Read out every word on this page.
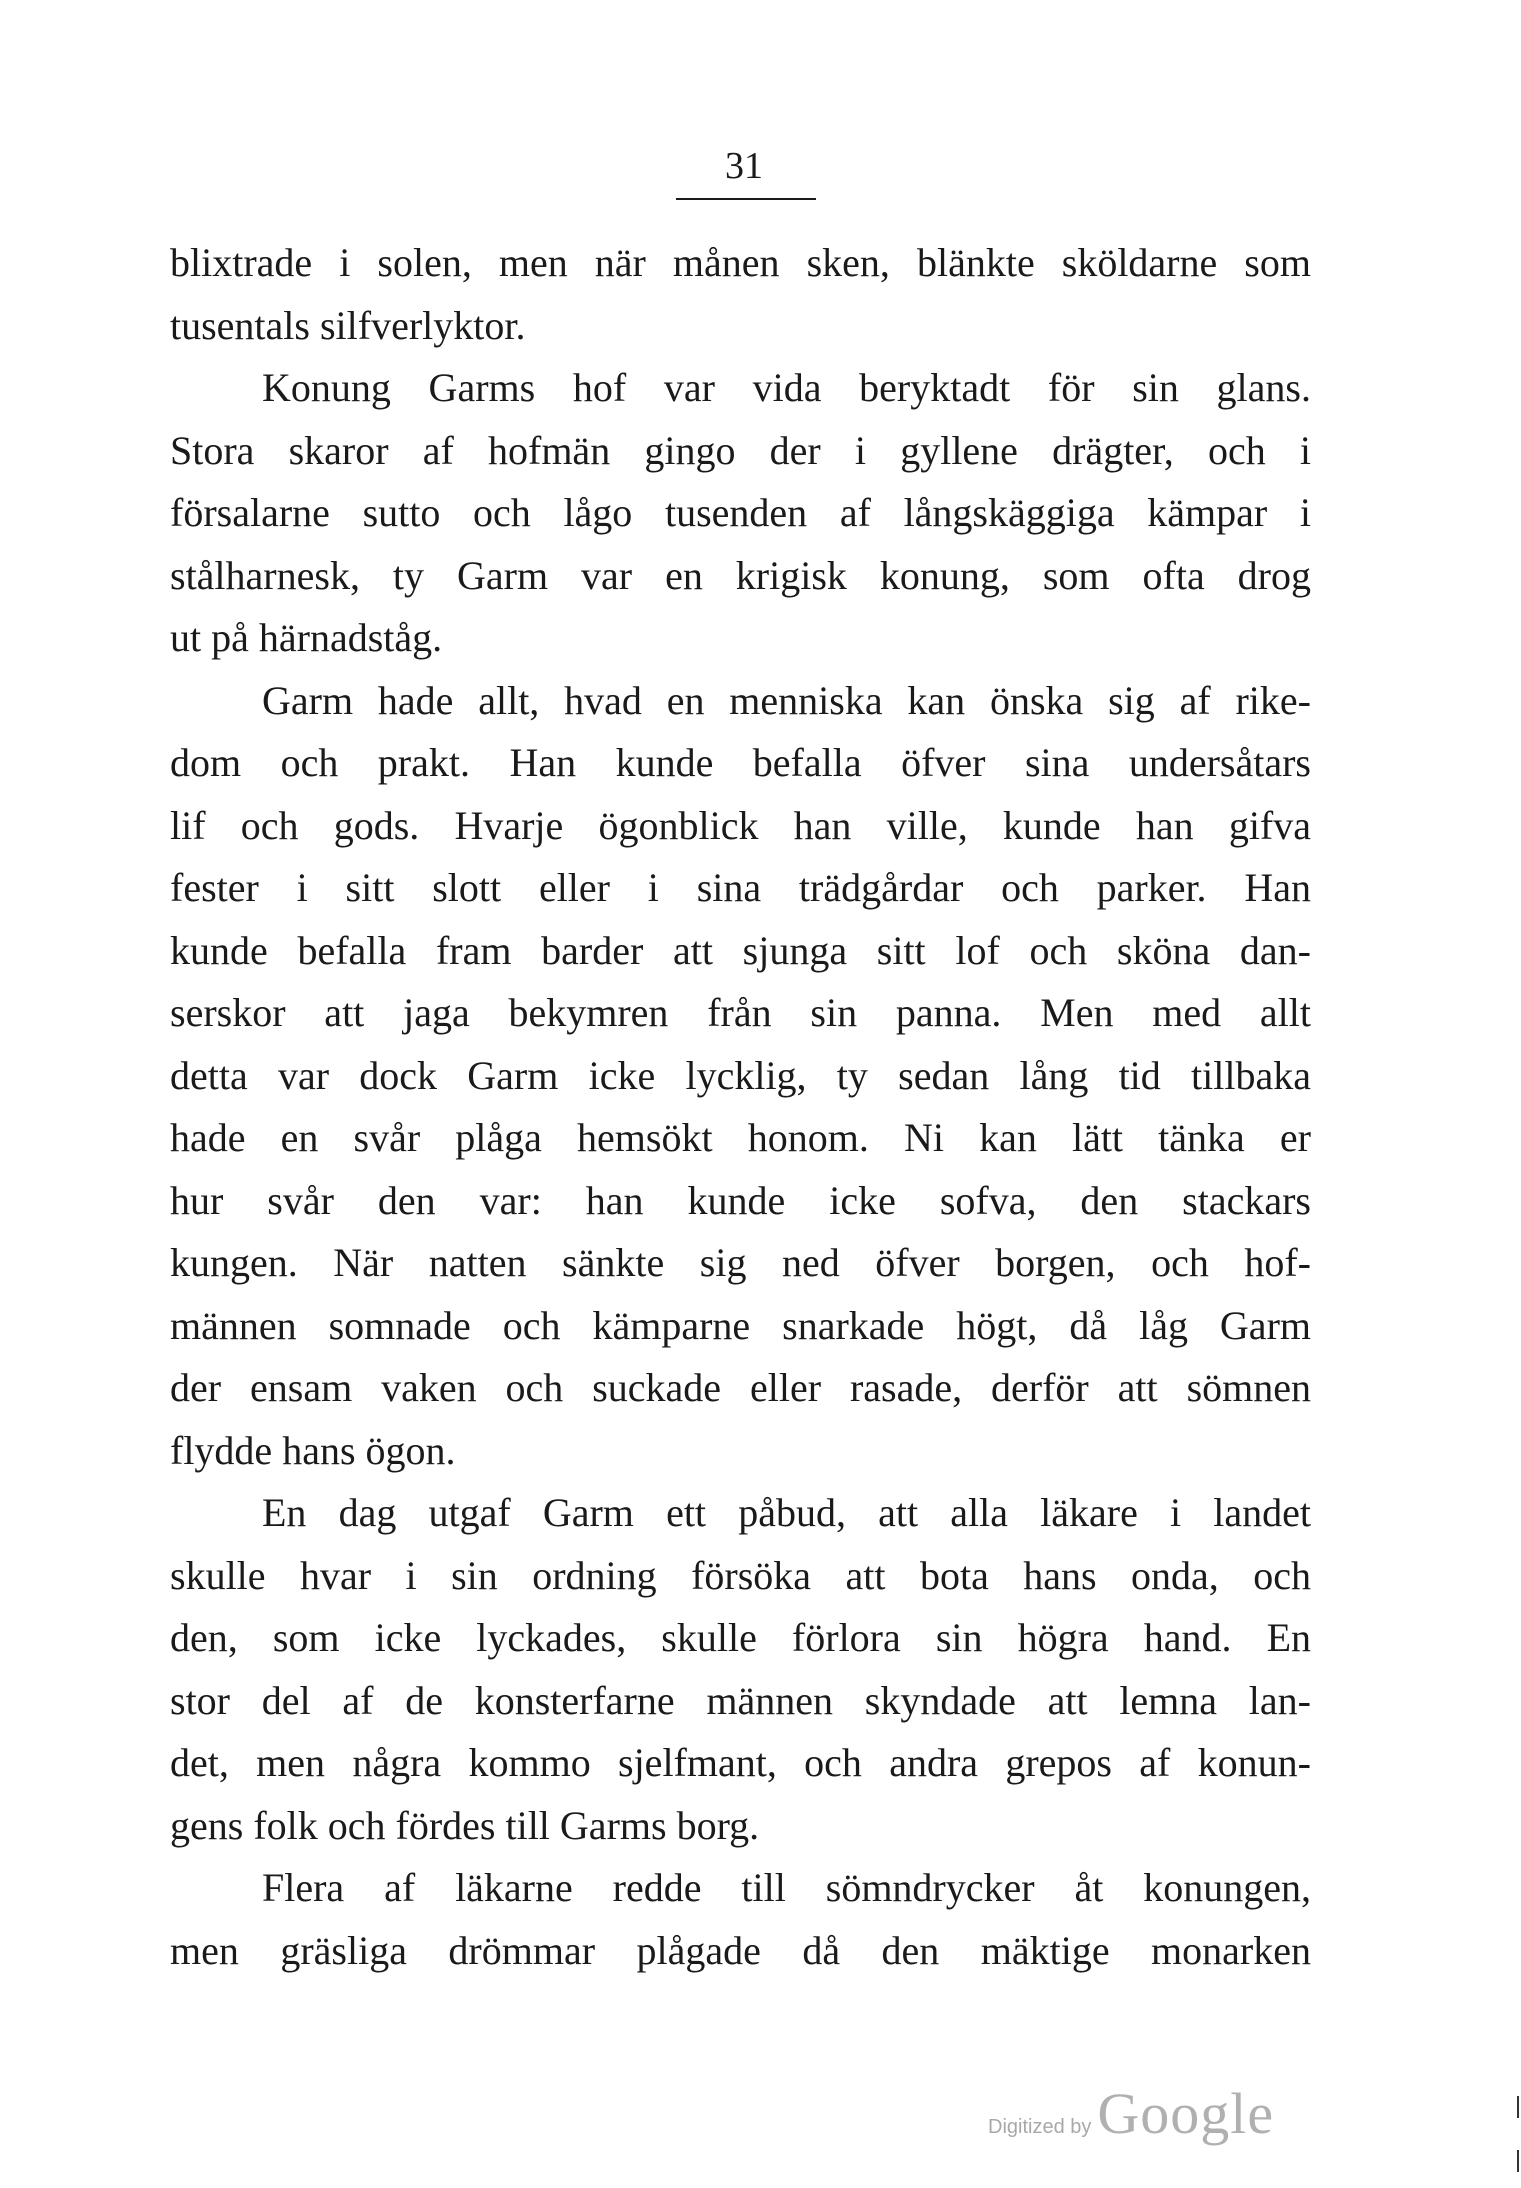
31
blixtrade i solen, men när månen sken, blänkte sköldarne som
tusentals silfverlyktor.
Konung Garms hof var vida beryktadt för sin glans.
Stora skaror af hofmän gingo der i gyllene drägter, och i
försalarne sutto och lågo tusenden af långskäggiga kämpar i
stålharnesk, ty Garm var en krigisk konung, som ofta drog
ut på härnadståg.
Garm hade allt, hvad en menniska kan önska sig af rike-
dom och prakt. Han kunde befalla öfver sina undersåtars
lif och gods. Hvarje ögonblick han ville, kunde han gifva
fester i sitt slott eller i sina trädgårdar och parker. Han
kunde befalla fram barder att sjunga sitt lof och sköna dan-
serskor att jaga bekymren från sin panna. Men med allt
detta var dock Garm icke lycklig, ty sedan lång tid tillbaka
hade en svår plåga hemsökt honom. Ni kan lätt tänka er
hur svår den var: han kunde icke sofva, den stackars
kungen. När natten sänkte sig ned öfver borgen, och hof-
männen somnade och kämparne snarkade högt, då låg Garm
der ensam vaken och suckade eller rasade, derför att sömnen
flydde hans ögon.
En dag utgaf Garm ett påbud, att alla läkare i landet
skulle hvar i sin ordning försöka att bota hans onda, och
den, som icke lyckades, skulle förlora sin högra hand. En
stor del af de konsterfarne männen skyndade att lemna lan-
det, men några kommo sjelfmant, och andra grepos af konun-
gens folk och fördes till Garms borg.
Flera af läkarne redde till sömndrycker åt konungen,
men gräsliga drömmar plågade då den mäktige monarken
Digitized by Google
